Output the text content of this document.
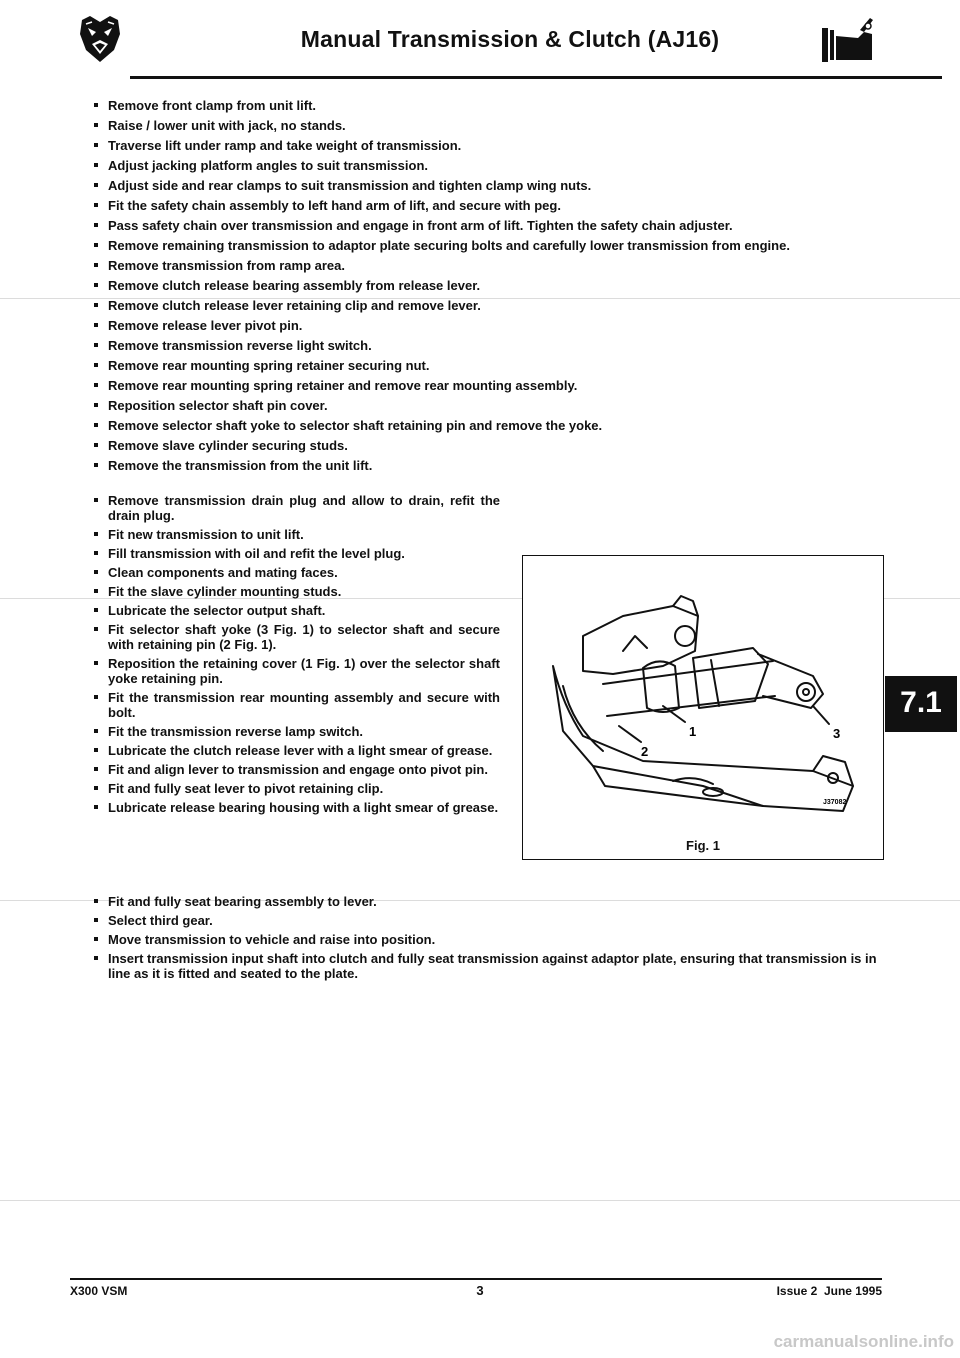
Manual Transmission & Clutch (AJ16)
Remove front clamp from unit lift.
Raise / lower unit with jack, no stands.
Traverse lift under ramp and take weight of transmission.
Adjust jacking platform angles to suit transmission.
Adjust side and rear clamps to suit transmission and tighten clamp wing nuts.
Fit the safety chain assembly to left hand arm of lift, and secure with peg.
Pass safety chain over transmission and engage in front arm of lift. Tighten the safety chain adjuster.
Remove remaining transmission to adaptor plate securing bolts and carefully lower transmission from engine.
Remove transmission from ramp area.
Remove clutch release bearing assembly from release lever.
Remove clutch release lever retaining clip and remove lever.
Remove release lever pivot pin.
Remove transmission reverse light switch.
Remove rear mounting spring retainer securing nut.
Remove rear mounting spring retainer and remove rear mounting assembly.
Reposition selector shaft pin cover.
Remove selector shaft yoke to selector shaft retaining pin and remove the yoke.
Remove slave cylinder securing studs.
Remove the transmission from the unit lift.
Remove transmission drain plug and allow to drain, refit the drain plug.
Fit new transmission to unit lift.
Fill transmission with oil and refit the level plug.
Clean components and mating faces.
Fit the slave cylinder mounting studs.
Lubricate the selector output shaft.
Fit selector shaft yoke (3 Fig. 1) to selector shaft and secure with retaining pin (2 Fig. 1).
Reposition the retaining cover (1 Fig. 1) over the selector shaft yoke retaining pin.
Fit the transmission rear mounting assembly and secure with bolt.
Fit the transmission reverse lamp switch.
Lubricate the clutch release lever with a light smear of grease.
Fit and align lever to transmission and engage onto pivot pin.
Fit and fully seat lever to pivot retaining clip.
Lubricate release bearing housing with a light smear of grease.
1
2
3
J37082
Fig. 1
Fit and fully seat bearing assembly to lever.
Select third gear.
Move transmission to vehicle and raise into position.
Insert transmission input shaft into clutch and fully seat transmission against adaptor plate, ensuring that transmission is in line as it is fitted and seated to the plate.
7.1
X300 VSM	3	Issue 2  June 1995
carmanualsonline.info
